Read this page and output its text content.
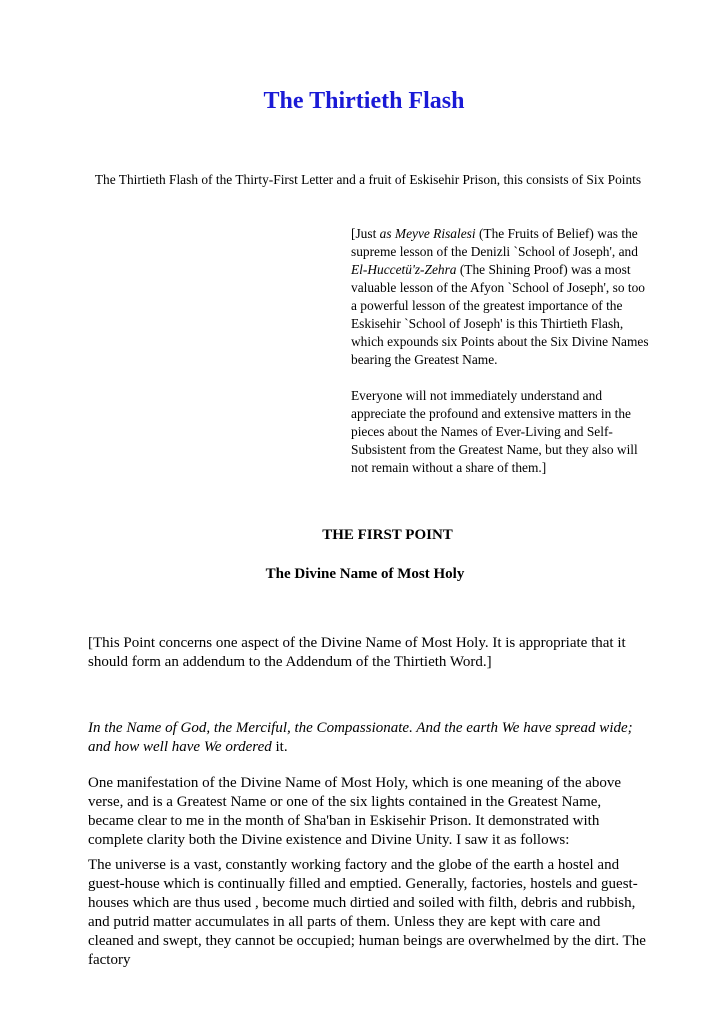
The Thirtieth Flash

The Thirtieth Flash of the Thirty-First Letter and a fruit of Eskisehir Prison, this consists of Six Points

[Just as Meyve Risalesi (The Fruits of Belief) was the supreme lesson of the Denizli `School of Joseph', and El-Huccetü'z-Zehra (The Shining Proof) was a most valuable lesson of the Afyon `School of Joseph', so too a powerful lesson of the greatest importance of the Eskisehir `School of Joseph' is this Thirtieth Flash, which expounds six Points about the Six Divine Names bearing the Greatest Name.

Everyone will not immediately understand and appreciate the profound and extensive matters in the pieces about the Names of Ever-Living and Self-Subsistent from the Greatest Name, but they also will not remain without a share of them.]

THE FIRST POINT
The Divine Name of Most Holy

[This Point concerns one aspect of the Divine Name of Most Holy. It is appropriate that it should form an addendum to the Addendum of the Thirtieth Word.]

In the Name of God, the Merciful, the Compassionate. And the earth We have spread wide; and how well have We ordered it.

One manifestation of the Divine Name of Most Holy, which is one meaning of the above verse, and is a Greatest Name or one of the six lights contained in the Greatest Name, became clear to me in the month of Sha'ban in Eskisehir Prison. It demonstrated with complete clarity both the Divine existence and Divine Unity. I saw it as follows:

The universe is a vast, constantly working factory and the globe of the earth a hostel and guest-house which is continually filled and emptied. Generally, factories, hostels and guest-houses which are thus used , become much dirtied and soiled with filth, debris and rubbish, and putrid matter accumulates in all parts of them. Unless they are kept with care and cleaned and swept, they cannot be occupied; human beings are overwhelmed by the dirt. The factory
